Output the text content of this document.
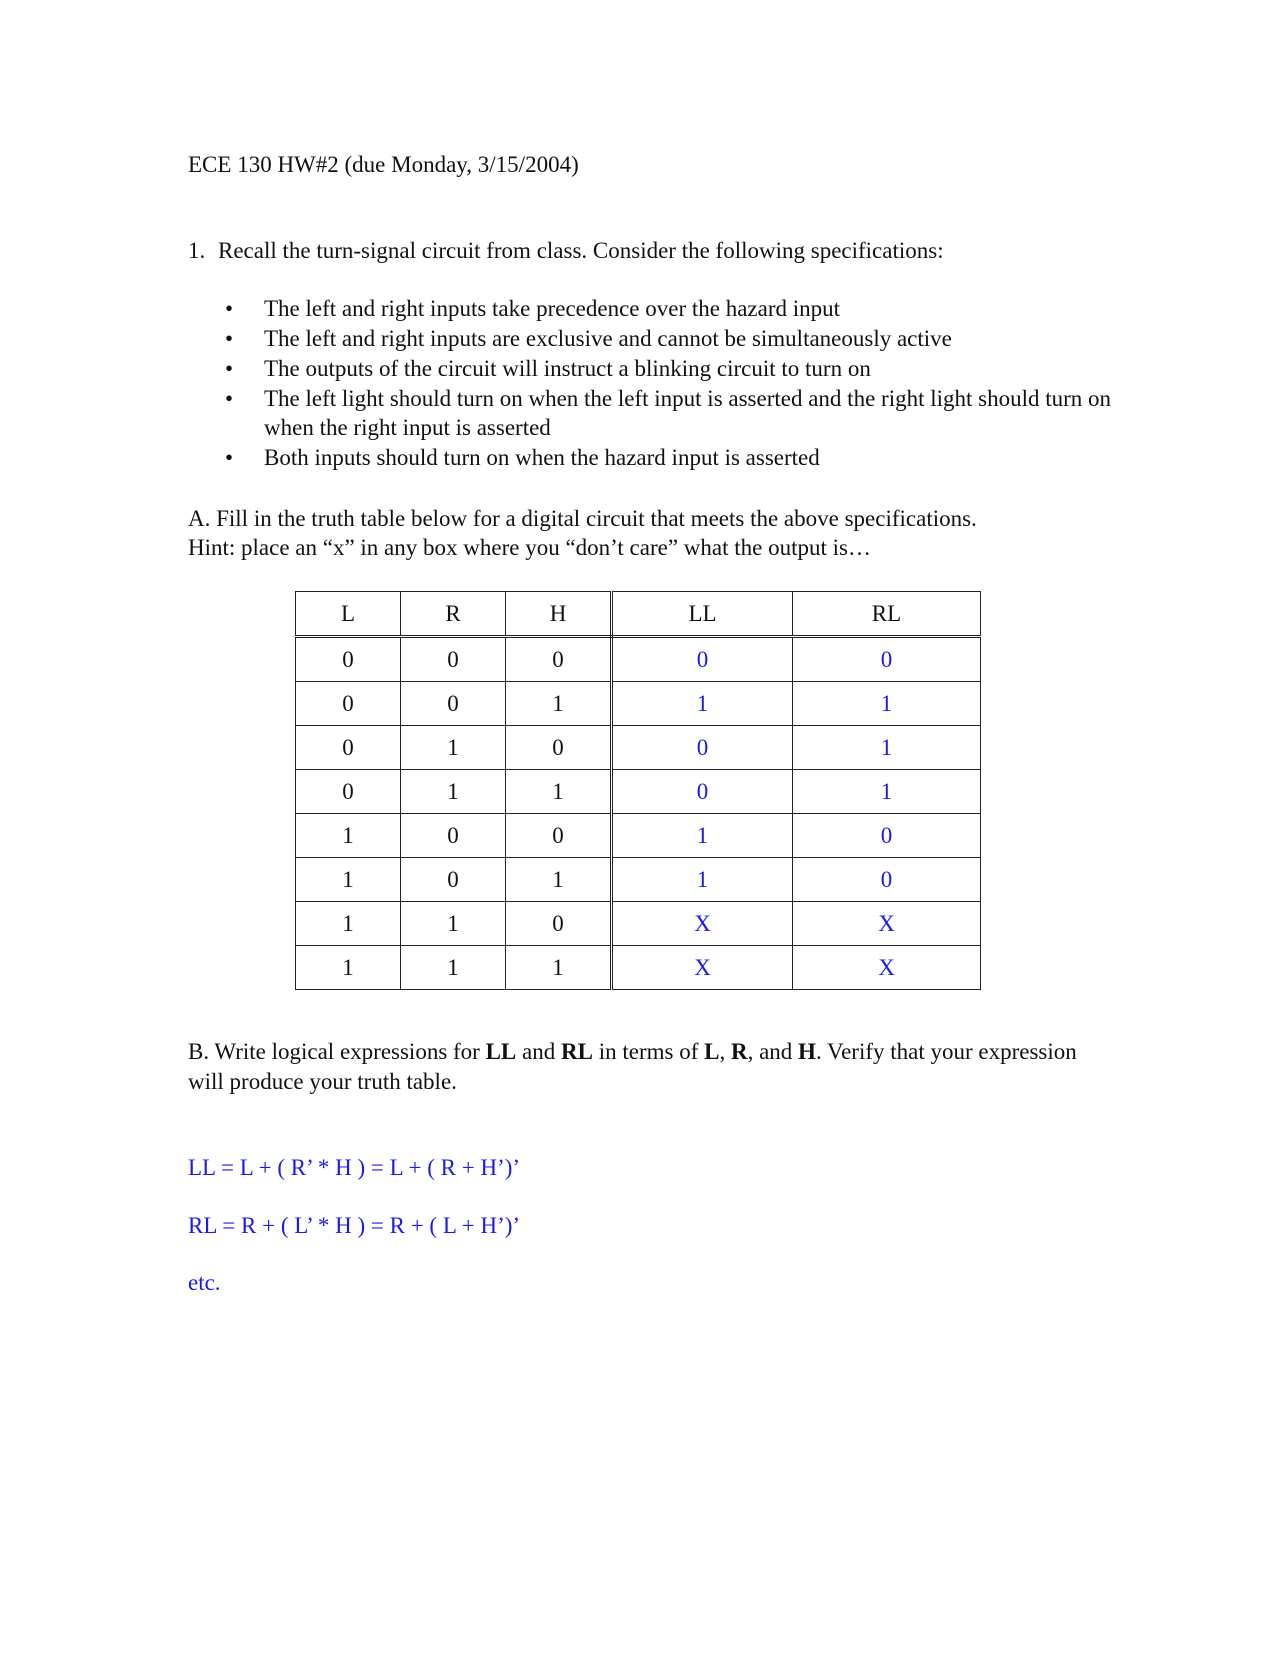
ECE 130 HW#2 (due Monday, 3/15/2004)
1. Recall the turn-signal circuit from class. Consider the following specifications:
• The left and right inputs take precedence over the hazard input
• The left and right inputs are exclusive and cannot be simultaneously active
• The outputs of the circuit will instruct a blinking circuit to turn on
• The left light should turn on when the left input is asserted and the right light should turn on when the right input is asserted
• Both inputs should turn on when the hazard input is asserted
A. Fill in the truth table below for a digital circuit that meets the above specifications.
Hint: place an “x” in any box where you “don’t care” what the output is…
L	R	H	LL	RL
0	0	0	0	0
0	0	1	1	1
0	1	0	0	1
0	1	1	0	1
1	0	0	1	0
1	0	1	1	0
1	1	0	X	X
1	1	1	X	X
B. Write logical expressions for LL and RL in terms of L, R, and H. Verify that your expression will produce your truth table.
LL = L + ( R’ * H ) = L + ( R + H’)’
RL = R + ( L’ * H ) = R + ( L + H’)’
etc.
